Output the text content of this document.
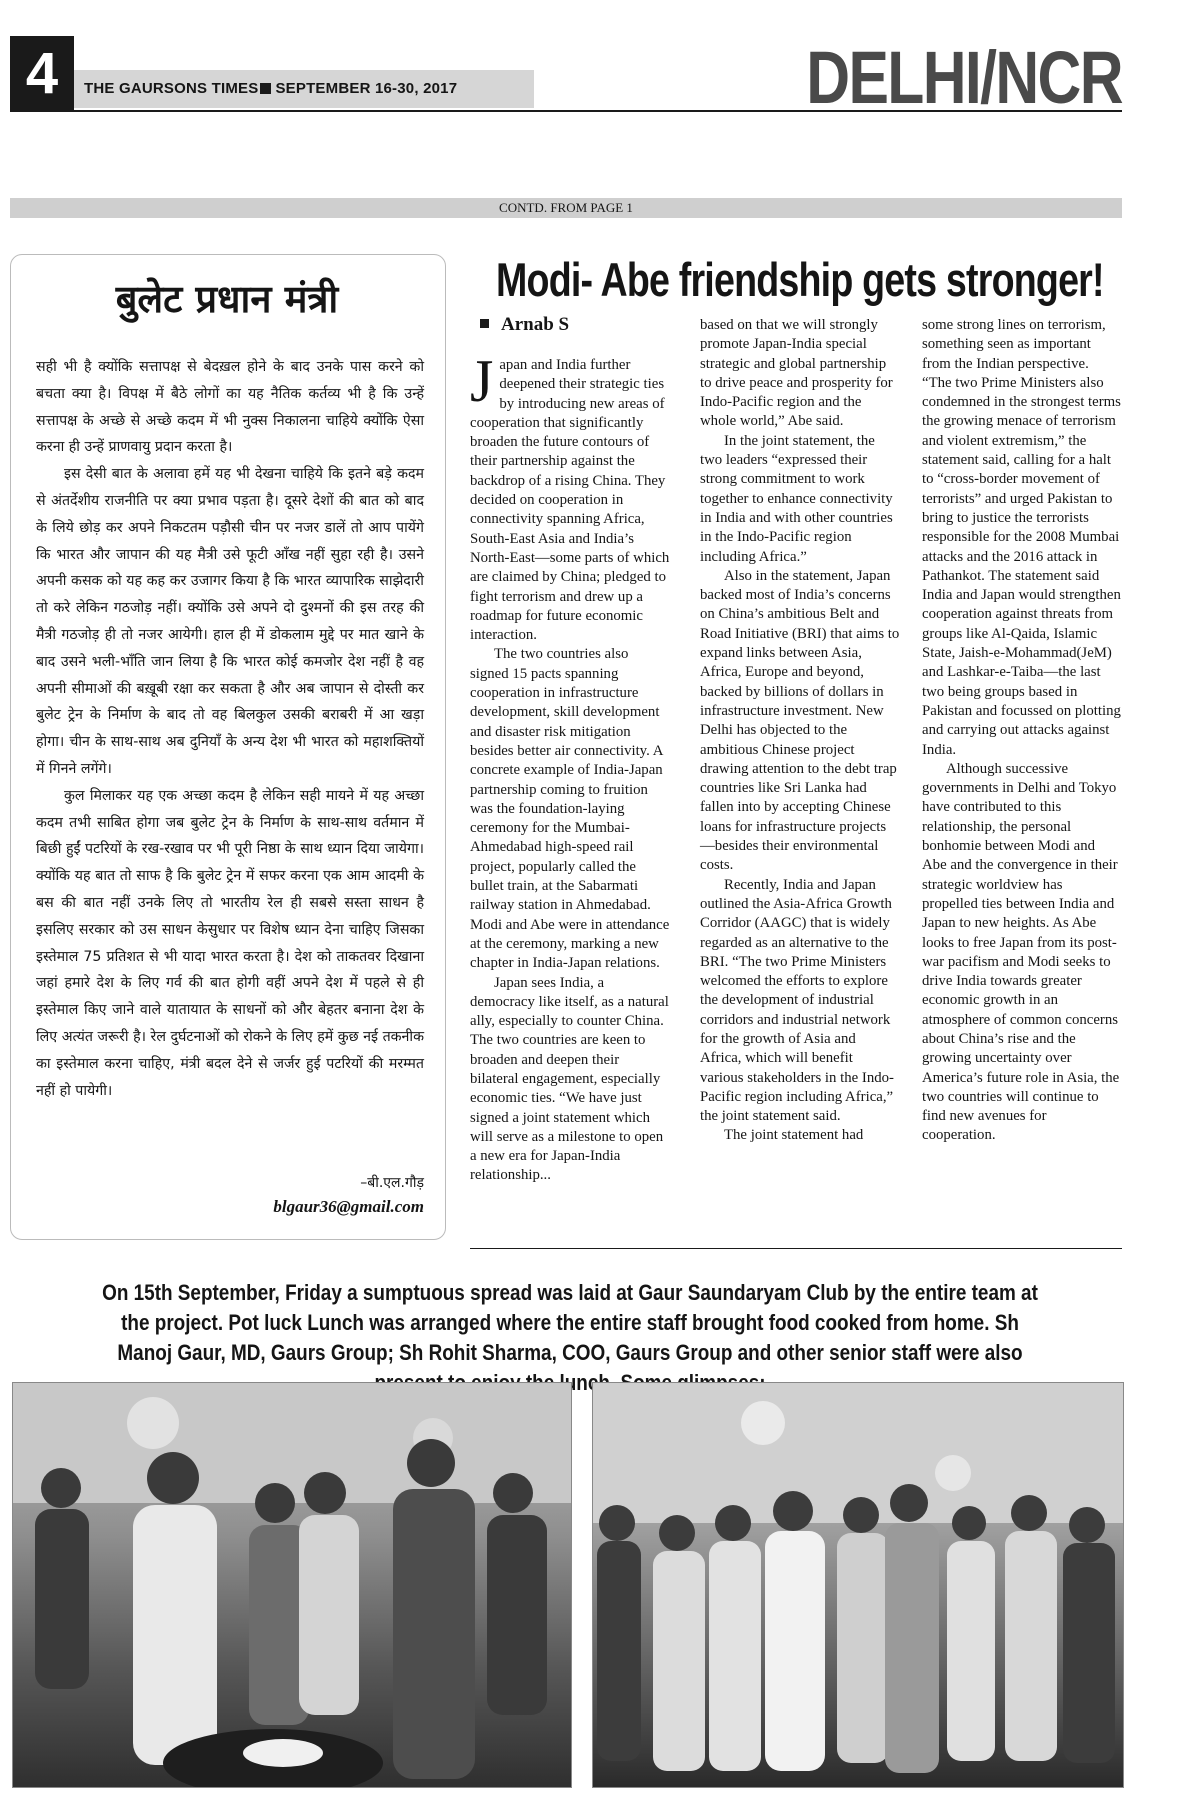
4	THE GAURSONS TIMES SEPTEMBER 16-30, 2017	DELHI/NCR
CONTD. FROM PAGE 1
बुलेट प्रधान मंत्री

सही भी है क्योंकि सत्तापक्ष से बेदख़ल होने के बाद उनके पास करने को बचता क्या है। विपक्ष में बैठे लोगों का यह नैतिक कर्तव्य भी है कि उन्हें सत्तापक्ष के अच्छे से अच्छे कदम में भी नुक्स निकालना चाहिये क्योंकि ऐसा करना ही उन्हें प्राणवायु प्रदान करता है।

इस देसी बात के अलावा हमें यह भी देखना चाहिये कि इतने बड़े कदम से अंतर्देशीय राजनीति पर क्या प्रभाव पड़ता है। दूसरे देशों की बात को बाद के लिये छोड़ कर अपने निकटतम पड़ौसी चीन पर नजर डालें तो आप पायेंगे कि भारत और जापान की यह मैत्री उसे फूटी आँख नहीं सुहा रही है। उसने अपनी कसक को यह कह कर उजागर किया है कि भारत व्यापारिक साझेदारी तो करे लेकिन गठजोड़ नहीं। क्योंकि उसे अपने दो दुश्मनों की इस तरह की मैत्री गठजोड़ ही तो नजर आयेगी। हाल ही में डोकलाम मुद्दे पर मात खाने के बाद उसने भली-भाँति जान लिया है कि भारत कोई कमजोर देश नहीं है वह अपनी सीमाओं की बख़ूबी रक्षा कर सकता है और अब जापान से दोस्ती कर बुलेट ट्रेन के निर्माण के बाद तो वह बिलकुल उसकी बराबरी में आ खड़ा होगा। चीन के साथ-साथ अब दुनियाँ के अन्य देश भी भारत को महाशक्तियों में गिनने लगेंगे।

कुल मिलाकर यह एक अच्छा कदम है लेकिन सही मायने में यह अच्छा कदम तभी साबित होगा जब बुलेट ट्रेन के निर्माण के साथ-साथ वर्तमान में बिछी हुईं पटरियों के रख-रखाव पर भी पूरी निष्ठा के साथ ध्यान दिया जायेगा। क्योंकि यह बात तो साफ है कि बुलेट ट्रेन में सफर करना एक आम आदमी के बस की बात नहीं उनके लिए तो भारतीय रेल ही सबसे सस्ता साधन है इसलिए सरकार को उस साधन केसुधार पर विशेष ध्यान देना चाहिए जिसका इस्तेमाल 75 प्रतिशत से भी यादा भारत करता है। देश को ताकतवर दिखाना जहां हमारे देश के लिए गर्व की बात होगी वहीं अपने देश में पहले से ही इस्तेमाल किए जाने वाले यातायात के साधनों को और बेहतर बनाना देश के लिए अत्यंत जरूरी है। रेल दुर्घटनाओं को रोकने के लिए हमें कुछ नई तकनीक का इस्तेमाल करना चाहिए, मंत्री बदल देने से जर्जर हुई पटरियों की मरम्मत नहीं हो पायेगी।

–बी.एल.गौड़
blgaur36@gmail.com
Modi- Abe friendship gets stronger!
Arnab S

Japan and India further deepened their strategic ties by introducing new areas of cooperation that significantly broaden the future contours of their partnership against the backdrop of a rising China. They decided on cooperation in connectivity spanning Africa, South-East Asia and India’s North-East—some parts of which are claimed by China; pledged to fight terrorism and drew up a roadmap for future economic interaction.

The two countries also signed 15 pacts spanning cooperation in infrastructure development, skill development and disaster risk mitigation besides better air connectivity. A concrete example of India-Japan partnership coming to fruition was the foundation-laying ceremony for the Mumbai-Ahmedabad high-speed rail project, popularly called the bullet train, at the Sabarmati railway station in Ahmedabad. Modi and Abe were in attendance at the ceremony, marking a new chapter in India-Japan relations.

Japan sees India, a democracy like itself, as a natural ally, especially to counter China. The two countries are keen to broaden and deepen their bilateral engagement, especially economic ties. “We have just signed a joint statement which will serve as a milestone to open a new era for Japan-India relationship...

based on that we will strongly promote Japan-India special strategic and global partnership to drive peace and prosperity for Indo-Pacific region and the whole world,” Abe said.

In the joint statement, the two leaders “expressed their strong commitment to work together to enhance connectivity in India and with other countries in the Indo-Pacific region including Africa.”

Also in the statement, Japan backed most of India’s concerns on China’s ambitious Belt and Road Initiative (BRI) that aims to expand links between Asia, Africa, Europe and beyond, backed by billions of dollars in infrastructure investment. New Delhi has objected to the ambitious Chinese project drawing attention to the debt trap countries like Sri Lanka had fallen into by accepting Chinese loans for infrastructure projects—besides their environmental costs.

Recently, India and Japan outlined the Asia-Africa Growth Corridor (AAGC) that is widely regarded as an alternative to the BRI. “The two Prime Ministers welcomed the efforts to explore the development of industrial corridors and industrial network for the growth of Asia and Africa, which will benefit various stakeholders in the Indo-Pacific region including Africa,” the joint statement said.

The joint statement had

some strong lines on terrorism, something seen as important from the Indian perspective. “The two Prime Ministers also condemned in the strongest terms the growing menace of terrorism and violent extremism,” the statement said, calling for a halt to “cross-border movement of terrorists” and urged Pakistan to bring to justice the terrorists responsible for the 2008 Mumbai attacks and the 2016 attack in Pathankot. The statement said India and Japan would strengthen cooperation against threats from groups like Al-Qaida, Islamic State, Jaish-e-Mohammad(JeM) and Lashkar-e-Taiba—the last two being groups based in Pakistan and focussed on plotting and carrying out attacks against India.

Although successive governments in Delhi and Tokyo have contributed to this relationship, the personal bonhomie between Modi and Abe and the convergence in their strategic worldview has propelled ties between India and Japan to new heights. As Abe looks to free Japan from its post-war pacifism and Modi seeks to drive India towards greater economic growth in an atmosphere of common concerns about China’s rise and the growing uncertainty over America’s future role in Asia, the two countries will continue to find new avenues for cooperation.

On 15th September, Friday a sumptuous spread was laid at Gaur Saundaryam Club by the entire team at the project. Pot luck Lunch was arranged where the entire staff brought food cooked from home. Sh Manoj Gaur, MD, Gaurs Group; Sh Rohit Sharma, COO, Gaurs Group and other senior staff were also lunch.
